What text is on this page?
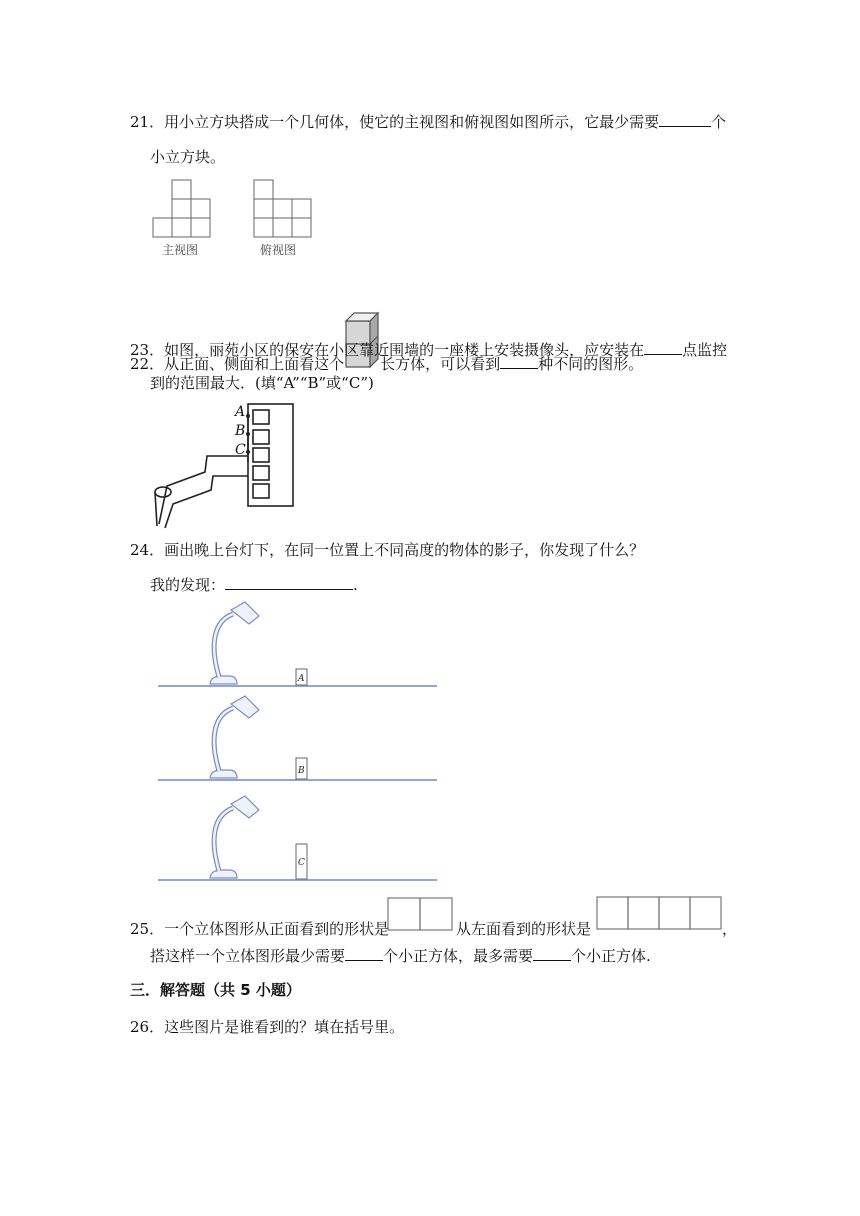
21．用小立方块搭成一个几何体，使它的主视图和俯视图如图所示，它最少需要	个
小立方块。
主视图	俯视图
22．从正面、侧面和上面看这个 长方体，可以看到	种不同的图形。
23．如图，丽苑小区的保安在小区靠近围墙的一座楼上安装摄像头，应安装在	点监控
到的范围最大．(填“A”“B”或“C”)
A
B
C
24．画出晚上台灯下，在同一位置上不同高度的物体的影子，你发现了什么？
我的发现：	.
A
B
C
25．一个立体图形从正面看到的形状是	从左面看到的形状是	，
搭这样一个立体图形最少需要	个小正方体，最多需要	个小正方体.
三．解答题（共 5 小题）
26．这些图片是谁看到的？填在括号里。
